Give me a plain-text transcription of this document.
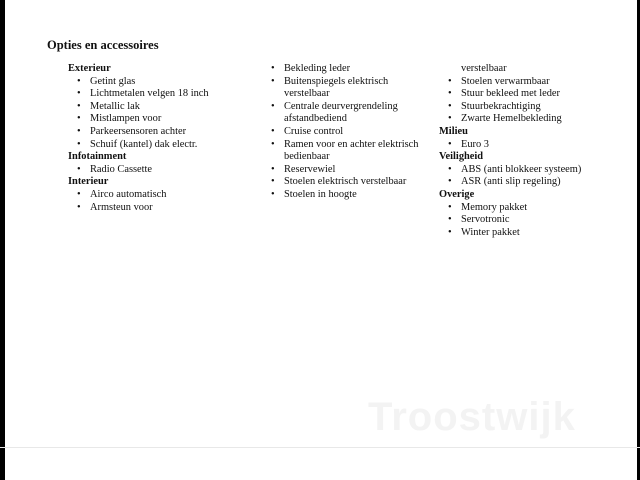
Opties en accessoires
Exterieur
• Getint glas
• Lichtmetalen velgen 18 inch
• Metallic lak
• Mistlampen voor
• Parkeersensoren achter
• Schuif (kantel) dak electr.
Infotainment
• Radio Cassette
Interieur
• Airco automatisch
• Armsteun voor
• Bekleding leder
• Buitenspiegels elektrisch verstelbaar
• Centrale deurvergrendeling afstandbediend
• Cruise control
• Ramen voor en achter elektrisch bedienbaar
• Reservewiel
• Stoelen elektrisch verstelbaar
• Stoelen in hoogte
verstelbaar
• Stoelen verwarmbaar
• Stuur bekleed met leder
• Stuurbekrachtiging
• Zwarte Hemelbekleding
Milieu
• Euro 3
Veiligheid
• ABS (anti blokkeer systeem)
• ASR (anti slip regeling)
Overige
• Memory pakket
• Servotronic
• Winter pakket
Troostwijk
